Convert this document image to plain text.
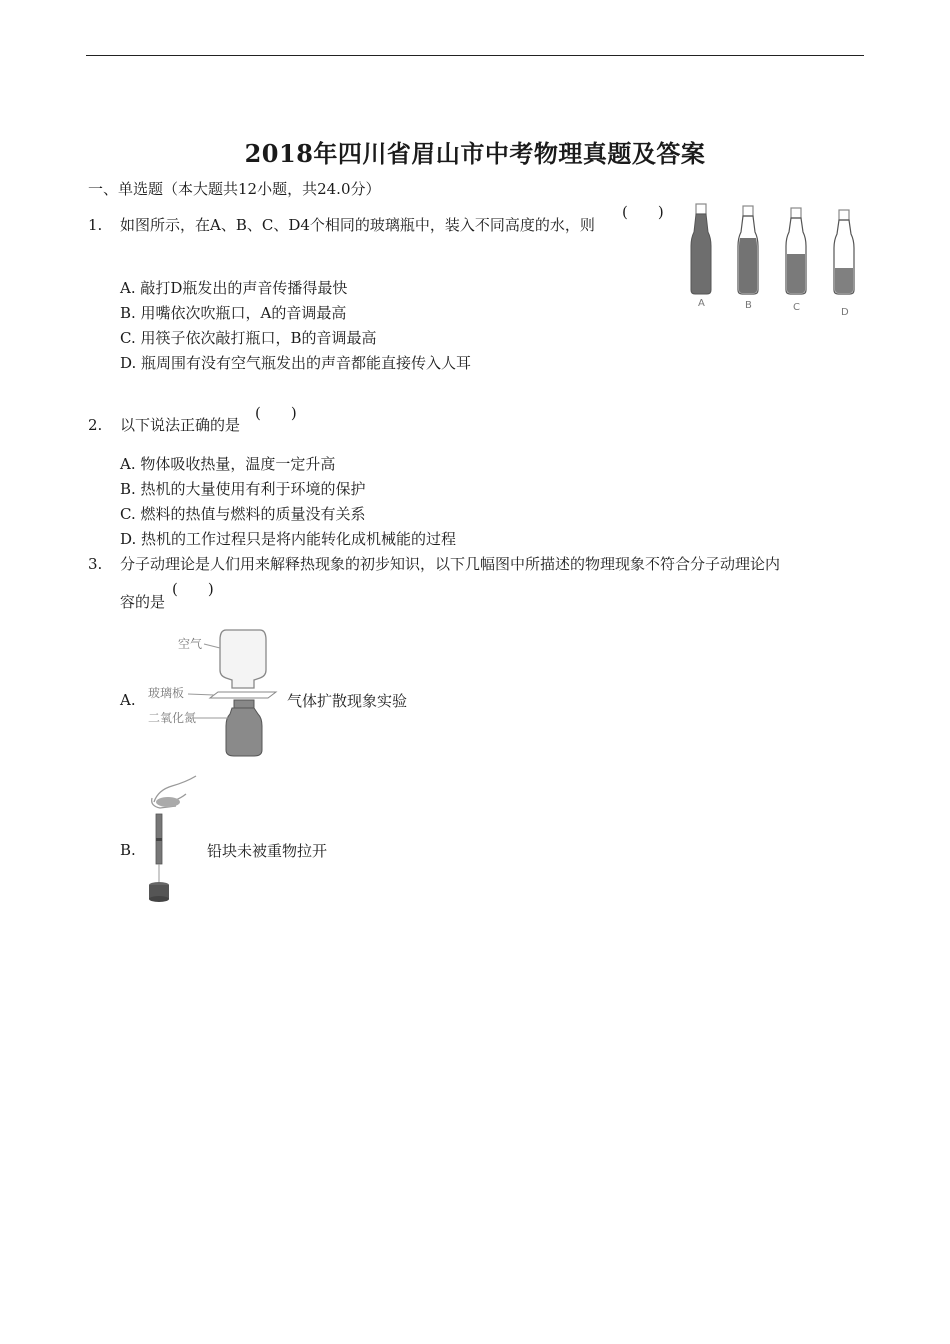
2018年四川省眉山市中考物理真题及答案
一、单选题（本大题共12小题，共24.0分）
1. 如图所示，在A、B、C、D4个相同的玻璃瓶中，装入不同高度的水，则
(　　)
A	B	C	D
A. 敲打D瓶发出的声音传播得最快
B. 用嘴依次吹瓶口，A的音调最高
C. 用筷子依次敲打瓶口，B的音调最高
D. 瓶周围有没有空气瓶发出的声音都能直接传入人耳
2. 以下说法正确的是
(　　)
A. 物体吸收热量，温度一定升高
B. 热机的大量使用有利于环境的保护
C. 燃料的热值与燃料的质量没有关系
D. 热机的工作过程只是将内能转化成机械能的过程
3. 分子动理论是人们用来解释热现象的初步知识，以下几幅图中所描述的物理现象不符合分子动理论内
容的是
(　　)
A.
空气
玻璃板
二氧化氮
气体扩散现象实验
B.	铅块未被重物拉开
